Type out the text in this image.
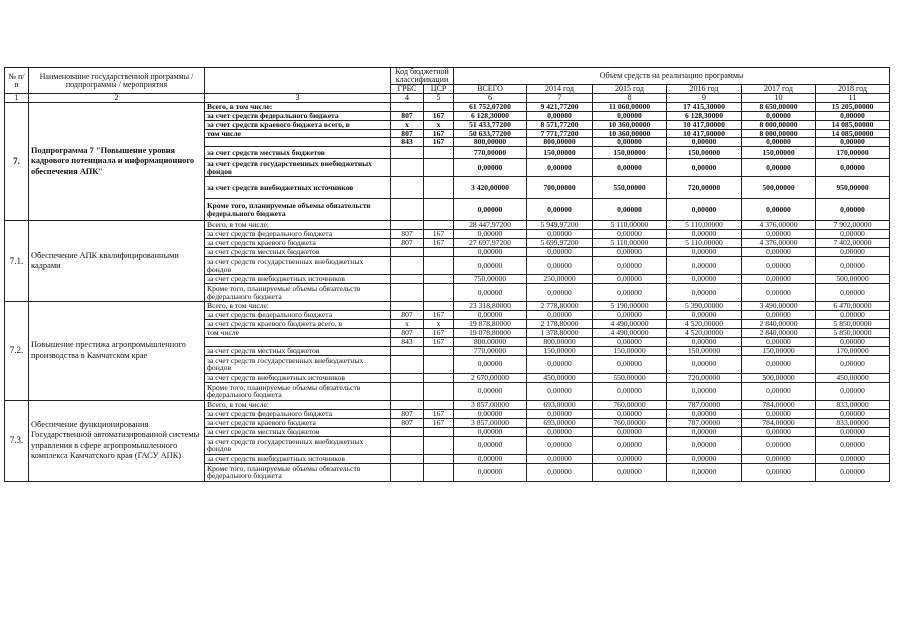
№ п/п	Наименование государственной программы / подпрограммы / мероприятия		Код бюджетной классификации		Объем средств на реализацию программы					
			ГРБС	ЦСР	ВСЕГО	2014 год	2015 год	2016 год	2017 год	2018 год
1	2	3	4	5	6	7	8	9	10	11
7.	Подпрограмма 7 "Повышение уровня кадрового потенциала и информационного обеспечения АПК"	Всего, в том числе:			61 752,07200	9 421,77200	11 060,00000	17 415,30000	8 650,00000	15 205,00000
		за счет средств федерального бюджета	807	167	6 128,30000	0,00000	0,00000	6 128,30000	0,00000	0,00000
		за счет средств краевого бюджета всего, в	х	х	51 433,77200	8 571,77200	10 360,00000	10 417,00000	8 000,00000	14 085,00000
		том числе	807	167	50 633,77200	7 771,77200	10 360,00000	10 417,00000	8 000,00000	14 085,00000
			843	167	800,00000	800,00000	0,00000	0,00000	0,00000	0,00000
		за счет средств местных бюджетов			770,00000	150,00000	150,00000	150,00000	150,00000	170,00000
		за счет средств государственных внебюджетных фондов			0,00000	0,00000	0,00000	0,00000	0,00000	0,00000
		за счет средств внебюджетных источников			3 420,00000	700,00000	550,00000	720,00000	500,00000	950,00000
		Кроме того, планируемые объемы обязательств федерального бюджета			0,00000	0,00000	0,00000	0,00000	0,00000	0,00000
7.1.	Обеспечение АПК квалифицированными кадрами	Всего, в том числе:			28 447,97200	5 949,97200	5 110,00000	5 110,00000	4 376,00000	7 902,00000
		за счет средств федерального бюджета	807	167	0,00000	0,00000	0,00000	0,00000	0,00000	0,00000
		за счет средств краевого бюджета	807	167	27 697,97200	5 699,97200	5 110,00000	5 110,00000	4 376,00000	7 402,00000
		за счет средств местных бюджетов			0,00000	0,00000	0,00000	0,00000	0,00000	0,00000
		за счет средств государственных внебюджетных фондов			0,00000	0,00000	0,00000	0,00000	0,00000	0,00000
		за счет средств внебюджетных источников			750,00000	250,00000	0,00000	0,00000	0,00000	500,00000
		Кроме того, планируемые объемы обязательств федерального бюджета			0,00000	0,00000	0,00000	0,00000	0,00000	0,00000
7.2.	Повышение престижа агропромышленного производства в Камчатском крае	Всего, в том числе:			23 318,80000	2 778,80000	5 190,00000	5 390,00000	3 490,00000	6 470,00000
		за счет средств федерального бюджета	807	167	0,00000	0,00000	0,00000	0,00000	0,00000	0,00000
		за счет средств краевого бюджета всего, в	х	х	19 878,80000	2 178,80000	4 490,00000	4 520,00000	2 840,00000	5 850,00000
		том числе	807	167	19 078,80000	1 378,80000	4 490,00000	4 520,00000	2 840,00000	5 850,00000
			843	167	800,00000	800,00000	0,00000	0,00000	0,00000	0,00000
		за счет средств местных бюджетов			770,00000	150,00000	150,00000	150,00000	150,00000	170,00000
		за счет средств государственных внебюджетных фондов			0,00000	0,00000	0,00000	0,00000	0,00000	0,00000
		за счет средств внебюджетных источников			2 670,00000	450,00000	550,00000	720,00000	500,00000	450,00000
		Кроме того, планируемые объемы обязательств федерального бюджета			0,00000	0,00000	0,00000	0,00000	0,00000	0,00000
7.3.	Обеспечение функционирования Государственной автоматизированной системы управления в сфере агропромышленного комплекса Камчатского края (ГАСУ АПК)	Всего, в том числе:			3 857,00000	693,00000	760,00000	787,00000	784,00000	833,00000
		за счет средств федерального бюджета	807	167	0,00000	0,00000	0,00000	0,00000	0,00000	0,00000
		за счет средств краевого бюджета	807	167	3 857,00000	693,00000	760,00000	787,00000	784,00000	833,00000
		за счет средств местных бюджетов			0,00000	0,00000	0,00000	0,00000	0,00000	0,00000
		за счет средств государственных внебюджетных фондов			0,00000	0,00000	0,00000	0,00000	0,00000	0,00000
		за счет средств внебюджетных источников			0,00000	0,00000	0,00000	0,00000	0,00000	0,00000
		Кроме того, планируемые объемы обязательств федерального бюджета			0,00000	0,00000	0,00000	0,00000	0,00000	0,00000
